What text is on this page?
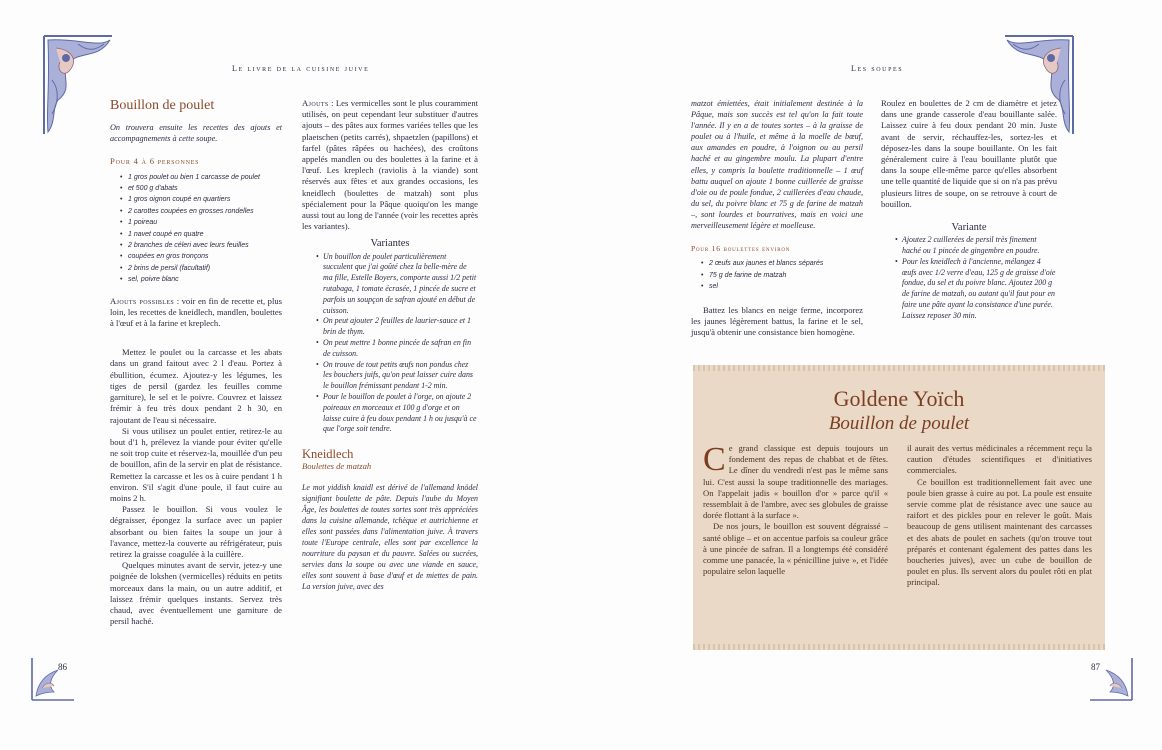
Le livre de la cuisine juive
Bouillon de poulet

On trouvera ensuite les recettes des ajouts et accompagnements à cette soupe.

Pour 4 à 6 personnes
• 1 gros poulet ou bien 1 carcasse de poulet
• et 500 g d'abats
• 1 gros oignon coupé en quartiers
• 2 carottes coupées en grosses rondelles
• 1 poireau
• 1 navet coupé en quatre
• 2 branches de céleri avec leurs feuilles
• coupées en gros tronçons
• 2 brins de persil (facultatif)
• sel, poivre blanc

Ajouts possibles : voir en fin de recette et, plus loin, les recettes de kneidlech, mandlen, boulettes à l'œuf et à la farine et kreplech.

Mettez le poulet ou la carcasse et les abats dans un grand faitout avec 2 l d'eau. Portez à ébullition, écumez. Ajoutez-y les légumes, les tiges de persil (gardez les feuilles comme garniture), le sel et le poivre. Couvrez et laissez frémir à feu très doux pendant 2 h 30, en rajoutant de l'eau si nécessaire.

Si vous utilisez un poulet entier, retirez-le au bout d'1 h, prélevez la viande pour éviter qu'elle ne soit trop cuite et réservez-la, mouillée d'un peu de bouillon, afin de la servir en plat de résistance. Remettez la carcasse et les os à cuire pendant 1 h environ. S'il s'agit d'une poule, il faut cuire au moins 2 h.

Passez le bouillon. Si vous voulez le dégraisser, épongez la surface avec un papier absorbant ou bien faites la soupe un jour à l'avance, mettez-la couverte au réfrigérateur, puis retirez la graisse coagulée à la cuillère.

Quelques minutes avant de servir, jetez-y une poignée de lokshen (vermicelles) réduits en petits morceaux dans la main, ou un autre additif, et laissez frémir quelques instants. Servez très chaud, avec éventuellement une garniture de persil haché.

Ajouts : Les vermicelles sont le plus couramment utilisés, on peut cependant leur substituer d'autres ajouts – des pâtes aux formes variées telles que les plaetschen (petits carrés), shpaetzlen (papillons) et farfel (pâtes râpées ou hachées), des croûtons appelés mandlen ou des boulettes à la farine et à l'œuf. Les kreplech (raviolis à la viande) sont réservés aux fêtes et aux grandes occasions, les kneidlech (boulettes de matzah) sont plus spécialement pour la Pâque quoiqu'on les mange aussi tout au long de l'année (voir les recettes après les variantes).

Variantes
• Un bouillon de poulet particulièrement succulent que j'ai goûté chez la belle-mère de ma fille, Estelle Boyers, comporte aussi 1/2 petit rutabaga, 1 tomate écrasée, 1 pincée de sucre et parfois un soupçon de safran ajouté en début de cuisson.
• On peut ajouter 2 feuilles de laurier-sauce et 1 brin de thym.
• On peut mettre 1 bonne pincée de safran en fin de cuisson.
• On trouve de tout petits œufs non pondus chez les bouchers juifs, qu'on peut laisser cuire dans le bouillon frémissant pendant 1-2 min.
• Pour le bouillon de poulet à l'orge, on ajoute 2 poireaux en morceaux et 100 g d'orge et on laisse cuire à feu doux pendant 1 h ou jusqu'à ce que l'orge soit tendre.
Kneidlech
Boulettes de matzah

Le mot yiddish knaidl est dérivé de l'allemand knödel signifiant boulette de pâte. Depuis l'aube du Moyen Âge, les boulettes de toutes sortes sont très appréciées dans la cuisine allemande, tchèque et autrichienne et elles sont passées dans l'alimentation juive. À travers toute l'Europe centrale, elles sont par excellence la nourriture du paysan et du pauvre. Salées ou sucrées, servies dans la soupe ou avec une viande en sauce, elles sont souvent à base d'œuf et de miettes de pain. La version juive, avec des

86
Les soupes

matzot émiettées, était initialement destinée à la Pâque, mais son succès est tel qu'on la fait toute l'année. Il y en a de toutes sortes – à la graisse de poulet ou à l'huile, et même à la moelle de bœuf, aux amandes en poudre, à l'oignon ou au persil haché et au gingembre moulu. La plupart d'entre elles, y compris la boulette traditionnelle – 1 œuf battu auquel on ajoute 1 bonne cuillerée de graisse d'oie ou de poule fondue, 2 cuillerées d'eau chaude, du sel, du poivre blanc et 75 g de farine de matzah –, sont lourdes et bourratives, mais en voici une merveilleusement légère et moelleuse.

Pour 16 boulettes environ
• 2 œufs aux jaunes et blancs séparés
• 75 g de farine de matzah
• sel

Battez les blancs en neige ferme, incorporez les jaunes légèrement battus, la farine et le sel, jusqu'à obtenir une consistance bien homogène.

Roulez en boulettes de 2 cm de diamètre et jetez dans une grande casserole d'eau bouillante salée. Laissez cuire à feu doux pendant 20 min. Juste avant de servir, réchauffez-les, sortez-les et déposez-les dans la soupe bouillante. On les fait généralement cuire à l'eau bouillante plutôt que dans la soupe elle-même parce qu'elles absorbent une telle quantité de liquide que si on n'a pas prévu plusieurs litres de soupe, on se retrouve à court de bouillon.

Variante
• Ajoutez 2 cuillerées de persil très finement haché ou 1 pincée de gingembre en poudre.
• Pour les kneidlech à l'ancienne, mélangez 4 œufs avec 1/2 verre d'eau, 125 g de graisse d'oie fondue, du sel et du poivre blanc. Ajoutez 200 g de farine de matzah, ou autant qu'il faut pour en faire une pâte ayant la consistance d'une purée. Laissez reposer 30 min.
Goldene Yoïch
Bouillon de poulet

Ce grand classique est depuis toujours un fondement des repas de chabbat et de fêtes. Le dîner du vendredi n'est pas le même sans lui. C'est aussi la soupe traditionnelle des mariages. On l'appelait jadis « bouillon d'or » parce qu'il « ressemblait à de l'ambre, avec ses globules de graisse dorée flottant à la surface ».

De nos jours, le bouillon est souvent dégraissé – santé oblige – et on accentue parfois sa couleur grâce à une pincée de safran. Il a longtemps été considéré comme une panacée, la « pénicilline juive », et l'idée populaire selon laquelle

il aurait des vertus médicinales a récemment reçu la caution d'études scientifiques et d'initiatives commerciales.

Ce bouillon est traditionnellement fait avec une poule bien grasse à cuire au pot. La poule est ensuite servie comme plat de résistance avec une sauce au raifort et des pickles pour en relever le goût. Mais beaucoup de gens utilisent maintenant des carcasses et des abats de poulet en sachets (qu'on trouve tout préparés et contenant également des pattes dans les boucheries juives), avec un cube de bouillon de poulet en plus. Ils servent alors du poulet rôti en plat principal.

87
